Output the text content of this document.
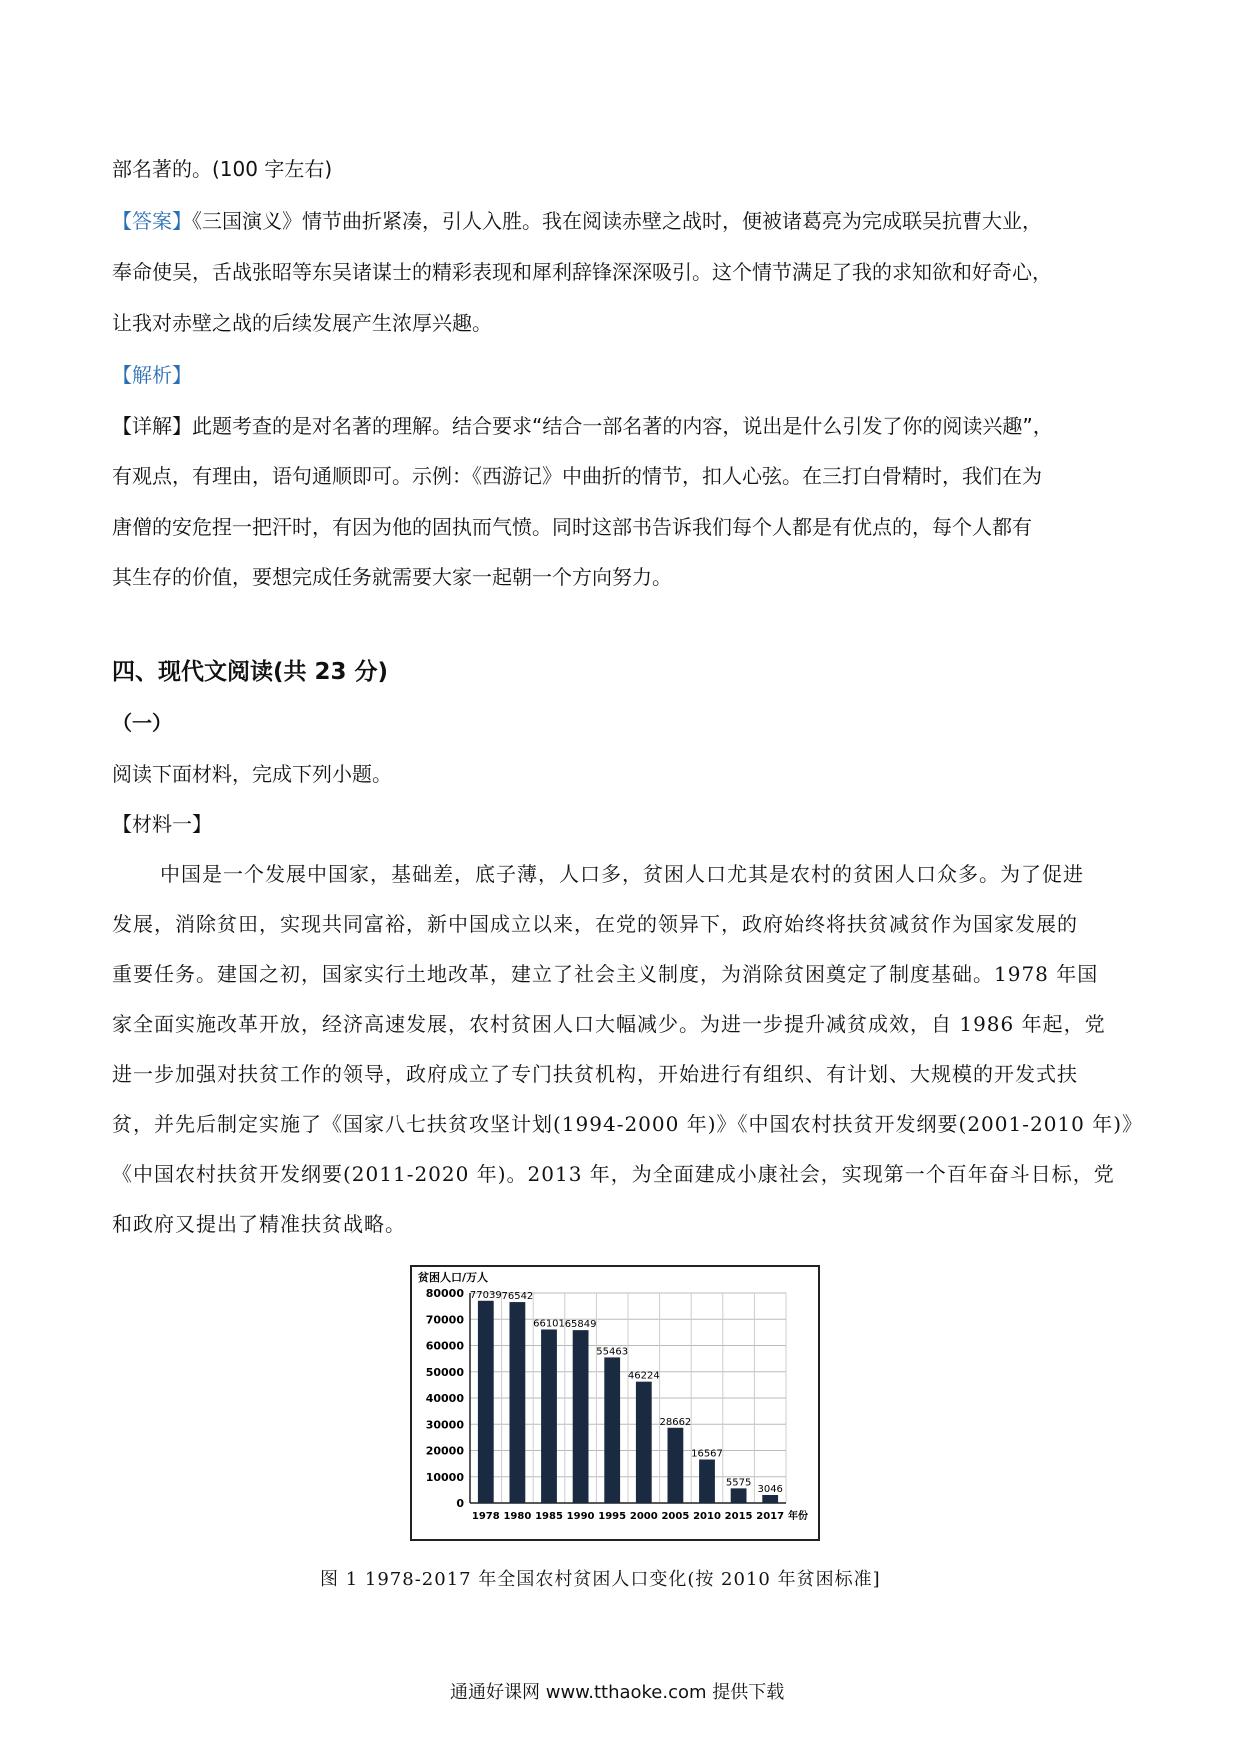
部名著的。(100 字左右)
【答案】《三国演义》情节曲折紧凑，引人入胜。我在阅读赤壁之战时，便被诸葛亮为完成联吴抗曹大业，
奉命使吴，舌战张昭等东吴诸谋士的精彩表现和犀利辞锋深深吸引。这个情节满足了我的求知欲和好奇心，
让我对赤壁之战的后续发展产生浓厚兴趣。
【解析】
【详解】此题考查的是对名著的理解。结合要求“结合一部名著的内容，说出是什么引发了你的阅读兴趣”，
有观点，有理由，语句通顺即可。示例：《西游记》中曲折的情节，扣人心弦。在三打白骨精时，我们在为
唐僧的安危捏一把汗时，有因为他的固执而气愤。同时这部书告诉我们每个人都是有优点的，每个人都有
其生存的价值，要想完成任务就需要大家一起朝一个方向努力。
四、现代文阅读(共 23 分)
（一）
阅读下面材料，完成下列小题。
【材料一】
中国是一个发展中国家，基础差，底子薄，人口多，贫困人口尤其是农村的贫困人口众多。为了促进
发展，消除贫田，实现共同富裕，新中国成立以来，在党的领异下，政府始终将扶贫减贫作为国家发展的
重要任务。建国之初，国家实行土地改革，建立了社会主义制度，为消除贫困奠定了制度基础。1978 年国
家全面实施改革开放，经济高速发展，农村贫困人口大幅减少。为进一步提升减贫成效，自 1986 年起，党
进一步加强对扶贫工作的领导，政府成立了专门扶贫机构，开始进行有组织、有计划、大规模的开发式扶
贫，并先后制定实施了《国家八七扶贫攻坚计划(1994-2000 年)》《中国农村扶贫开发纲要(2001-2010 年)》
《中国农村扶贫开发纲要(2011-2020 年)。2013 年，为全面建成小康社会，实现第一个百年奋斗日标，党
和政府又提出了精准扶贫战略。
贫困人口/万人
0
10000
20000
30000
40000
50000
60000
70000
80000 77039
1978
76542
1980
66101
1985
65849
1990
55463
1995
46224
2000
28662
2005
16567
2010
5575
2015
3046
2017 年份
图 1 1978-2017 年全国农村贫困人口变化(按 2010 年贫困标准]
通通好课网 www.tthaoke.com 提供下载
